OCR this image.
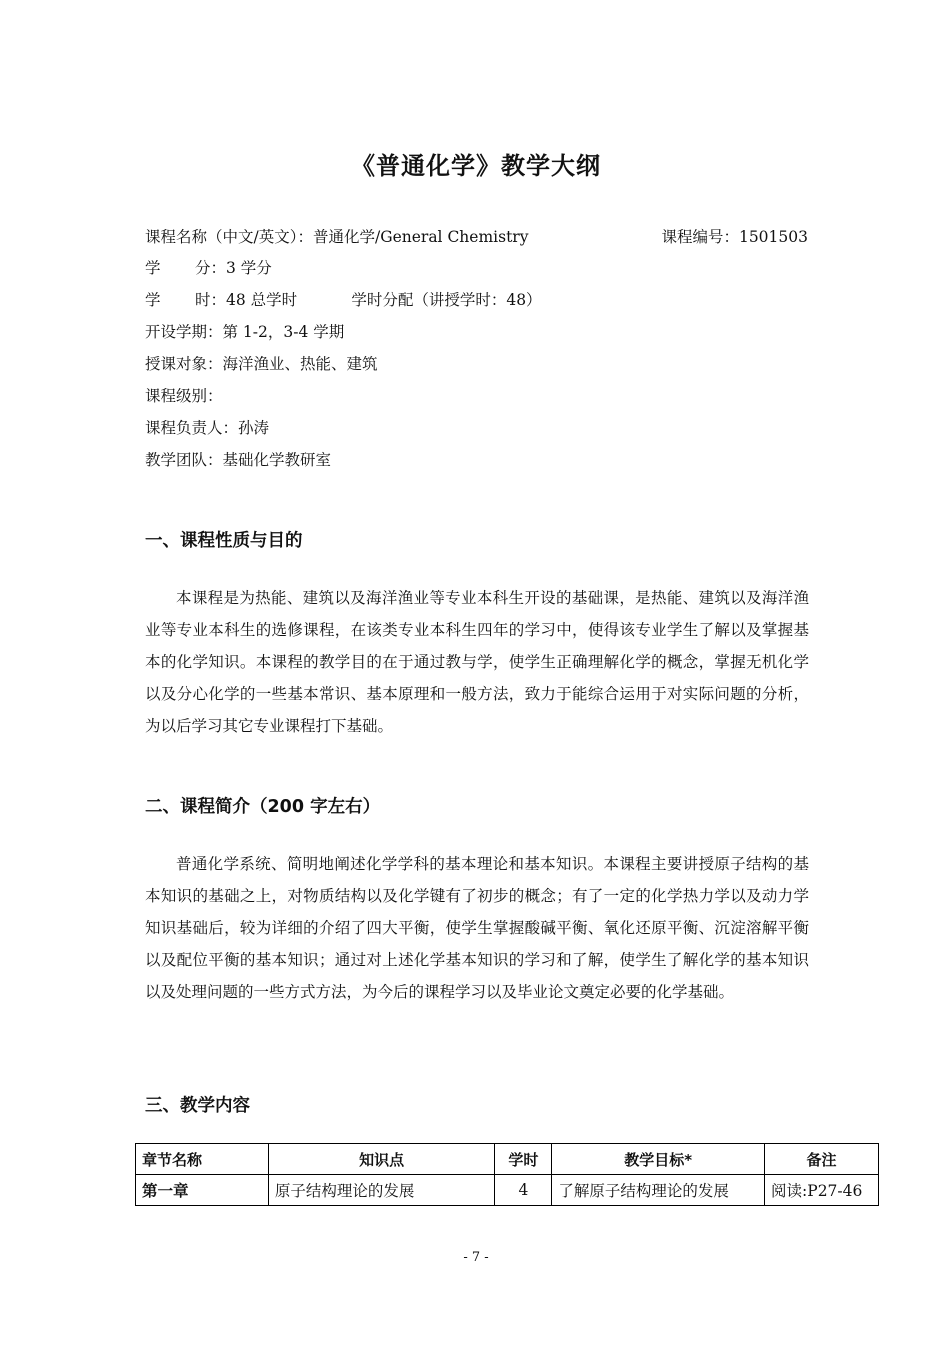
《普通化学》教学大纲
课程名称（中文/英文）：普通化学/General Chemistry	课程编号：1501503
学       分：3 学分
学       时：48 总学时           学时分配（讲授学时：48）
开设学期：第 1-2，3-4 学期
授课对象：海洋渔业、热能、建筑
课程级别：
课程负责人：孙涛
教学团队：基础化学教研室
一、课程性质与目的

本课程是为热能、建筑以及海洋渔业等专业本科生开设的基础课，是热能、建筑以及海洋渔业等专业本科生的选修课程，在该类专业本科生四年的学习中，使得该专业学生了解以及掌握基本的化学知识。本课程的教学目的在于通过教与学，使学生正确理解化学的概念，掌握无机化学以及分心化学的一些基本常识、基本原理和一般方法，致力于能综合运用于对实际问题的分析，为以后学习其它专业课程打下基础。

二、课程简介（200 字左右）

普通化学系统、简明地阐述化学学科的基本理论和基本知识。本课程主要讲授原子结构的基本知识的基础之上，对物质结构以及化学键有了初步的概念；有了一定的化学热力学以及动力学知识基础后，较为详细的介绍了四大平衡，使学生掌握酸碱平衡、氧化还原平衡、沉淀溶解平衡以及配位平衡的基本知识；通过对上述化学基本知识的学习和了解，使学生了解化学的基本知识以及处理问题的一些方式方法，为今后的课程学习以及毕业论文奠定必要的化学基础。

三、教学内容
章节名称	知识点	学时	教学目标*	备注
第一章	原子结构理论的发展	4	了解原子结构理论的发展	阅读:P27-46
- 7 -
